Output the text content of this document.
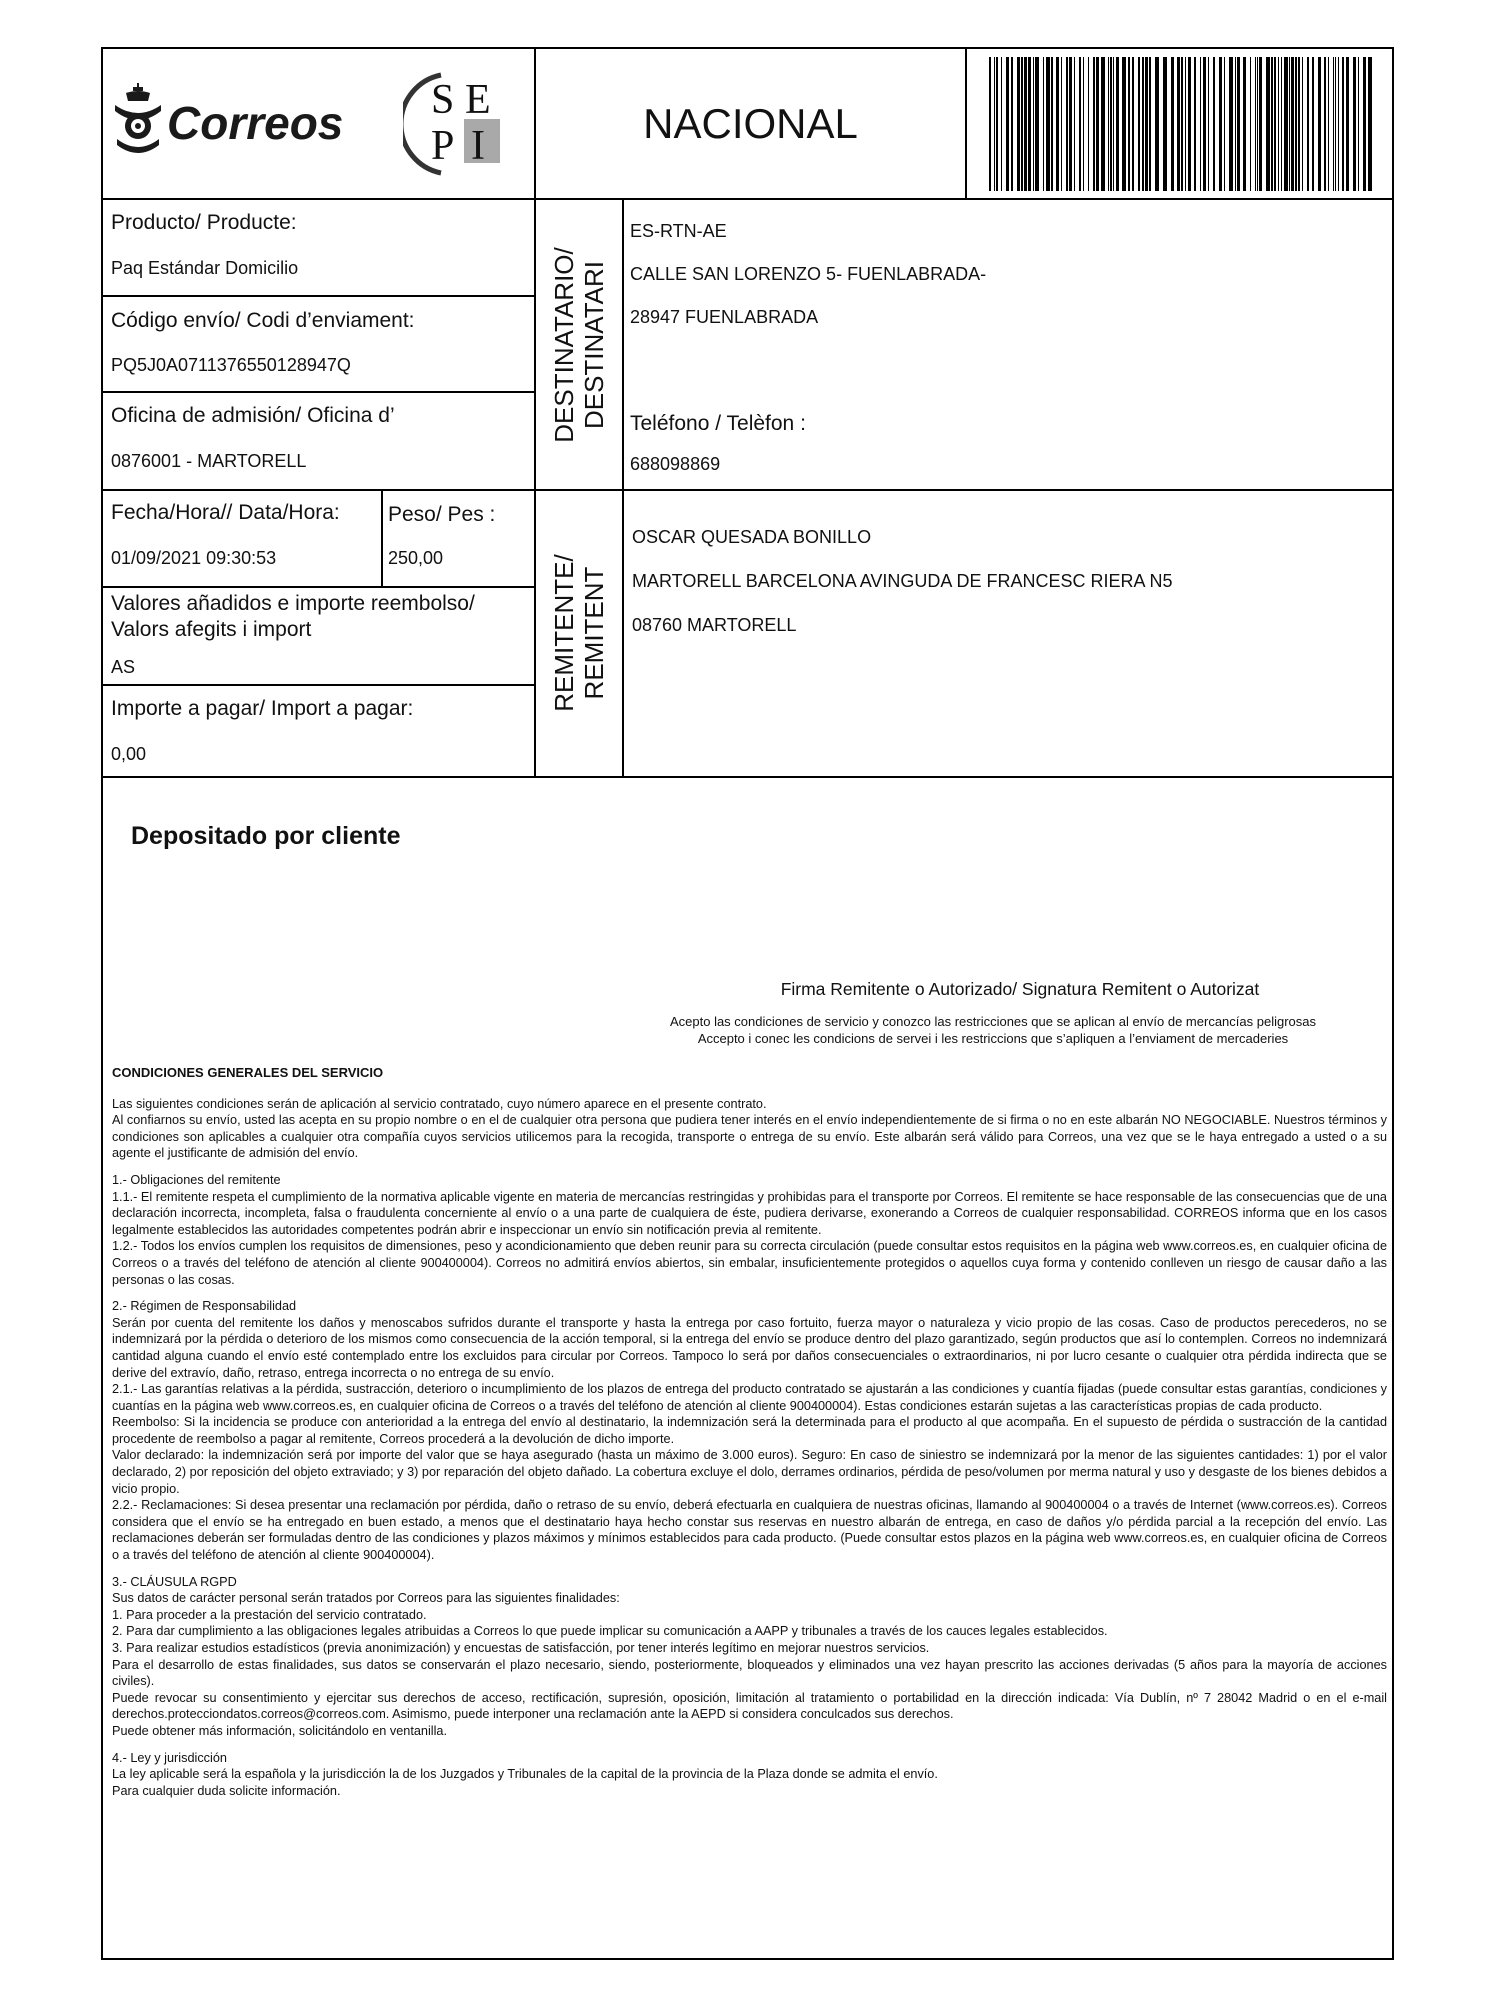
Correos S E
P I	NACIONAL
Producto/ Producte:
Paq Estándar Domicilio
Código envío/ Codi d’enviament:
PQ5J0A0711376550128947Q
Oficina de admisión/ Oficina d’
0876001 - MARTORELL
Fecha/Hora// Data/Hora:
01/09/2021 09:30:53
Peso/ Pes :
250,00
Valores añadidos e importe reembolso/
Valors afegits i import
AS
Importe a pagar/ Import a pagar:
0,00
DESTINATARIO/
DESTINATARI
REMITENTE/
REMITENT
ES-RTN-AE
CALLE SAN LORENZO 5- FUENLABRADA-
28947 FUENLABRADA
Teléfono / Telèfon :
688098869
OSCAR QUESADA BONILLO
MARTORELL BARCELONA AVINGUDA DE FRANCESC RIERA N5
08760 MARTORELL
Depositado por cliente
Firma Remitente o Autorizado/ Signatura Remitent o Autorizat
Acepto las condiciones de servicio y conozco las restricciones que se aplican al envío de mercancías peligrosas
Accepto i conec les condicions de servei i les restriccions que s’apliquen a l’enviament de mercaderies

CONDICIONES GENERALES DEL SERVICIO

Las siguientes condiciones serán de aplicación al servicio contratado, cuyo número aparece en el presente contrato.
Al confiarnos su envío, usted las acepta en su propio nombre o en el de cualquier otra persona que pudiera tener interés en el envío independientemente de si firma o no en este albarán NO NEGOCIABLE. Nuestros términos y condiciones son aplicables a cualquier otra compañía cuyos servicios utilicemos para la recogida, transporte o entrega de su envío. Este albarán será válido para Correos, una vez que se le haya entregado a usted o a su agente el justificante de admisión del envío.

1.- Obligaciones del remitente
1.1.- El remitente respeta el cumplimiento de la normativa aplicable vigente en materia de mercancías restringidas y prohibidas para el transporte por Correos. El remitente se hace responsable de las consecuencias que de una declaración incorrecta, incompleta, falsa o fraudulenta concerniente al envío o a una parte de cualquiera de éste, pudiera derivarse, exonerando a Correos de cualquier responsabilidad. CORREOS informa que en los casos legalmente establecidos las autoridades competentes podrán abrir e inspeccionar un envío sin notificación previa al remitente.
1.2.- Todos los envíos cumplen los requisitos de dimensiones, peso y acondicionamiento que deben reunir para su correcta circulación (puede consultar estos requisitos en la página web www.correos.es, en cualquier oficina de Correos o a través del teléfono de atención al cliente 900400004). Correos no admitirá envíos abiertos, sin embalar, insuficientemente protegidos o aquellos cuya forma y contenido conlleven un riesgo de causar daño a las personas o las cosas.

2.- Régimen de Responsabilidad
Serán por cuenta del remitente los daños y menoscabos sufridos durante el transporte y hasta la entrega por caso fortuito, fuerza mayor o naturaleza y vicio propio de las cosas. Caso de productos perecederos, no se indemnizará por la pérdida o deterioro de los mismos como consecuencia de la acción temporal, si la entrega del envío se produce dentro del plazo garantizado, según productos que así lo contemplen. Correos no indemnizará cantidad alguna cuando el envío esté contemplado entre los excluidos para circular por Correos. Tampoco lo será por daños consecuenciales o extraordinarios, ni por lucro cesante o cualquier otra pérdida indirecta que se derive del extravío, daño, retraso, entrega incorrecta o no entrega de su envío.
2.1.- Las garantías relativas a la pérdida, sustracción, deterioro o incumplimiento de los plazos de entrega del producto contratado se ajustarán a las condiciones y cuantía fijadas (puede consultar estas garantías, condiciones y cuantías en la página web www.correos.es, en cualquier oficina de Correos o a través del teléfono de atención al cliente 900400004). Estas condiciones estarán sujetas a las características propias de cada producto.
Reembolso: Si la incidencia se produce con anterioridad a la entrega del envío al destinatario, la indemnización será la determinada para el producto al que acompaña. En el supuesto de pérdida o sustracción de la cantidad procedente de reembolso a pagar al remitente, Correos procederá a la devolución de dicho importe.
Valor declarado: la indemnización será por importe del valor que se haya asegurado (hasta un máximo de 3.000 euros). Seguro: En caso de siniestro se indemnizará por la menor de las siguientes cantidades: 1) por el valor declarado, 2) por reposición del objeto extraviado; y 3) por reparación del objeto dañado. La cobertura excluye el dolo, derrames ordinarios, pérdida de peso/volumen por merma natural y uso y desgaste de los bienes debidos a vicio propio.
2.2.- Reclamaciones: Si desea presentar una reclamación por pérdida, daño o retraso de su envío, deberá efectuarla en cualquiera de nuestras oficinas, llamando al 900400004 o a través de Internet (www.correos.es). Correos considera que el envío se ha entregado en buen estado, a menos que el destinatario haya hecho constar sus reservas en nuestro albarán de entrega, en caso de daños y/o pérdida parcial a la recepción del envío. Las reclamaciones deberán ser formuladas dentro de las condiciones y plazos máximos y mínimos establecidos para cada producto. (Puede consultar estos plazos en la página web www.correos.es, en cualquier oficina de Correos o a través del teléfono de atención al cliente 900400004).

3.- CLÁUSULA RGPD
Sus datos de carácter personal serán tratados por Correos para las siguientes finalidades:
1. Para proceder a la prestación del servicio contratado.
2. Para dar cumplimiento a las obligaciones legales atribuidas a Correos lo que puede implicar su comunicación a AAPP y tribunales a través de los cauces legales establecidos.
3. Para realizar estudios estadísticos (previa anonimización) y encuestas de satisfacción, por tener interés legítimo en mejorar nuestros servicios.
Para el desarrollo de estas finalidades, sus datos se conservarán el plazo necesario, siendo, posteriormente, bloqueados y eliminados una vez hayan prescrito las acciones derivadas (5 años para la mayoría de acciones civiles).
Puede revocar su consentimiento y ejercitar sus derechos de acceso, rectificación, supresión, oposición, limitación al tratamiento o portabilidad en la dirección indicada: Vía Dublín, nº 7 28042 Madrid o en el e-mail derechos.protecciondatos.correos@correos.com. Asimismo, puede interponer una reclamación ante la AEPD si considera conculcados sus derechos.
Puede obtener más información, solicitándolo en ventanilla.

4.- Ley y jurisdicción
La ley aplicable será la española y la jurisdicción la de los Juzgados y Tribunales de la capital de la provincia de la Plaza donde se admita el envío.
Para cualquier duda solicite información.
